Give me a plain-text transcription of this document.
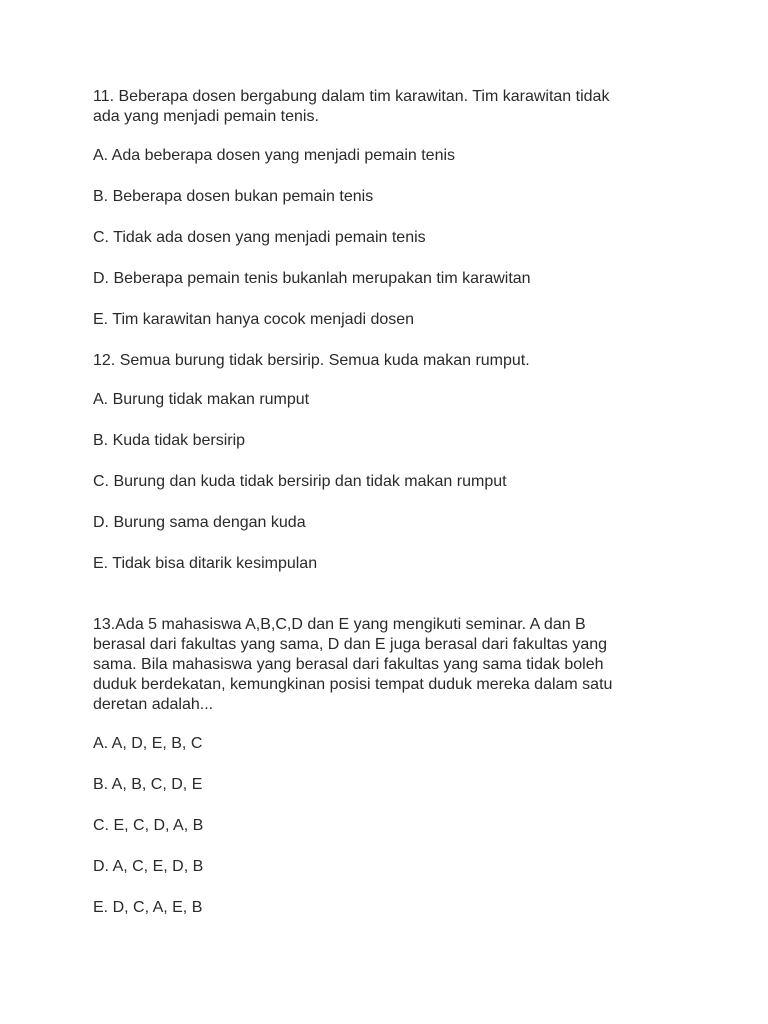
11. Beberapa dosen bergabung dalam tim karawitan. Tim karawitan tidak
ada yang menjadi pemain tenis.

A. Ada beberapa dosen yang menjadi pemain tenis

B. Beberapa dosen bukan pemain tenis

C. Tidak ada dosen yang menjadi pemain tenis

D. Beberapa pemain tenis bukanlah merupakan tim karawitan

E. Tim karawitan hanya cocok menjadi dosen

12. Semua burung tidak bersirip. Semua kuda makan rumput.

A. Burung tidak makan rumput

B. Kuda tidak bersirip

C. Burung dan kuda tidak bersirip dan tidak makan rumput

D. Burung sama dengan kuda

E. Tidak bisa ditarik kesimpulan

13.Ada 5 mahasiswa A,B,C,D dan E yang mengikuti seminar. A dan B
berasal dari fakultas yang sama, D dan E juga berasal dari fakultas yang
sama. Bila mahasiswa yang berasal dari fakultas yang sama tidak boleh
duduk berdekatan, kemungkinan posisi tempat duduk mereka dalam satu
deretan adalah...

A. A, D, E, B, C

B. A, B, C, D, E

C. E, C, D, A, B

D. A, C, E, D, B

E. D, C, A, E, B
